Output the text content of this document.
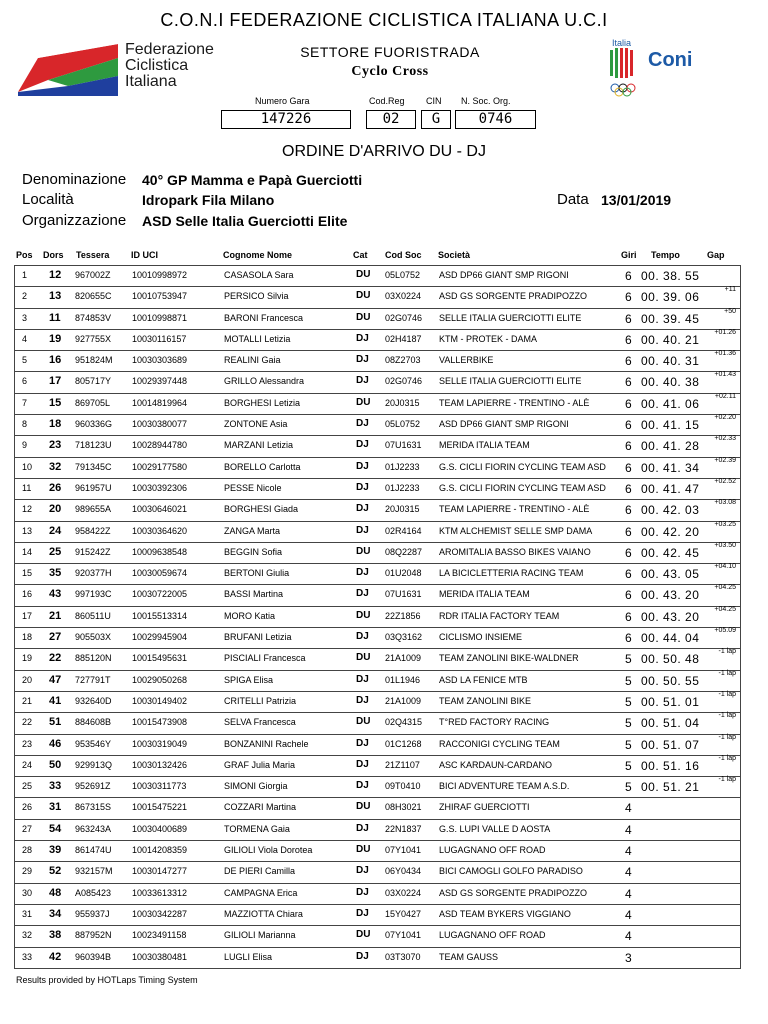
C.O.N.I FEDERAZIONE CICLISTICA ITALIANA U.C.I
Federazione
Ciclistica
Italiana
SETTORE FUORISTRADA
Cyclo Cross
Italia
Coni
Numero Gara	Cod.Reg CIN N. Soc. Org.
147226	02	G	0746
ORDINE D'ARRIVO DU - DJ
Denominazione 40° GP Mamma e Papà Guerciotti
Località	Idropark Fila Milano	Data 13/01/2019
Organizzazione ASD Selle Italia Guerciotti Elite
Pos Dors Tessera ID UCI	Cognome Nome	Cat Cod Soc Società	Giri Tempo	Gap
1 12 967002Z 10010998972	CASASOLA Sara	DU 05L0752 ASD DP66 GIANT SMP RIGONI	6 00. 38. 55
2 13 820655C 10010753947	PERSICO Silvia	DU 03X0224 ASD GS SORGENTE PRADIPOZZO	6 00. 39. 06
+11
3 11 874853V 10010998871	BARONI Francesca	DU 02G0746 SELLE ITALIA GUERCIOTTI ELITE	6 00. 39. 45
+50
4 19 927755X 10030116157	MOTALLI Letizia	DJ 02H4187 KTM - PROTEK - DAMA	6 00. 40. 21
+01.26
5 16 951824M 10030303689	REALINI Gaia	DJ 08Z2703 VALLERBIKE	6 00. 40. 31
+01.36
6 17 805717Y 10029397448	GRILLO Alessandra	DJ 02G0746 SELLE ITALIA GUERCIOTTI ELITE	6 00. 40. 38
+01.43
7 15 869705L 10014819964	BORGHESI Letizia	DU 20J0315 TEAM LAPIERRE - TRENTINO - ALÈ	6 00. 41. 06
+02.11
8 18 960336G 10030380077	ZONTONE Asia	DJ 05L0752 ASD DP66 GIANT SMP RIGONI	6 00. 41. 15
+02.20
9 23 718123U 10028944780	MARZANI Letizia	DJ 07U1631 MERIDA ITALIA TEAM	6 00. 41. 28
+02.33
10 32 791345C 10029177580	BORELLO Carlotta	DJ 01J2233 G.S. CICLI FIORIN CYCLING TEAM ASD 6 00. 41. 34
+02.39
11 26 961957U 10030392306	PESSE Nicole	DJ 01J2233 G.S. CICLI FIORIN CYCLING TEAM ASD 6 00. 41. 47
+02.52
12 20 989655A 10030646021	BORGHESI Giada	DJ 20J0315 TEAM LAPIERRE - TRENTINO - ALÈ	6 00. 42. 03
+03.08
13 24 958422Z 10030364620	ZANGA Marta	DJ 02R4164 KTM ALCHEMIST SELLE SMP DAMA	6 00. 42. 20
+03.25
14 25 915242Z 10009638548	BEGGIN Sofia	DU 08Q2287 AROMITALIA BASSO BIKES VAIANO	6 00. 42. 45
+03.50
15 35 920377H 10030059674	BERTONI Giulia	DJ 01U2048 LA BICICLETTERIA RACING TEAM	6 00. 43. 05
+04.10
16 43 997193C 10030722005	BASSI Martina	DJ 07U1631 MERIDA ITALIA TEAM	6 00. 43. 20
+04.25
17 21 860511U 10015513314	MORO Katia	DU 22Z1856 RDR ITALIA FACTORY TEAM	6 00. 43. 20
+04.25
18 27 905503X 10029945904	BRUFANI Letizia	DJ 03Q3162 CICLISMO INSIEME	6 00. 44. 04
+05.09
19 22 885120N 10015495631	PISCIALI Francesca	DU 21A1009 TEAM ZANOLINI BIKE-WALDNER	5 00. 50. 48
-1 lap
20 47 727791T 10029050268	SPIGA Elisa	DJ 01L1946 ASD LA FENICE MTB	5 00. 50. 55
-1 lap
21 41 932640D 10030149402	CRITELLI Patrizia	DJ 21A1009 TEAM ZANOLINI BIKE	5 00. 51. 01
-1 lap
22 51 884608B 10015473908	SELVA Francesca	DU 02Q4315 T°RED FACTORY RACING	5 00. 51. 04
-1 lap
23 46 953546Y 10030319049	BONZANINI Rachele	DJ 01C1268 RACCONIGI CYCLING TEAM	5 00. 51. 07
-1 lap
24 50 929913Q 10030132426	GRAF Julia Maria	DJ 21Z1107 ASC KARDAUN-CARDANO	5 00. 51. 16
-1 lap
25 33 952691Z 10030311773	SIMONI Giorgia	DJ 09T0410 BICI ADVENTURE TEAM A.S.D.	5 00. 51. 21
-1 lap
26 31 867315S 10015475221	COZZARI Martina	DU 08H3021 ZHIRAF GUERCIOTTI	4
27 54 963243A 10030400689	TORMENA Gaia	DJ 22N1837 G.S. LUPI VALLE D AOSTA	4
28 39 861474U 10014208359	GILIOLI Viola Dorotea	DU 07Y1041 LUGAGNANO OFF ROAD	4
29 52 932157M 10030147277	DE PIERI Camilla	DJ 06Y0434 BICI CAMOGLI GOLFO PARADISO	4
30 48 A085423 10033613312	CAMPAGNA Erica	DJ 03X0224 ASD GS SORGENTE PRADIPOZZO	4
31 34 955937J 10030342287	MAZZIOTTA Chiara	DJ 15Y0427 ASD TEAM BYKERS VIGGIANO	4
32 38 887952N 10023491158	GILIOLI Marianna	DU 07Y1041 LUGAGNANO OFF ROAD	4
33 42 960394B 10030380481	LUGLI Elisa	DJ 03T3070 TEAM GAUSS	3
Results provided by HOTLaps Timing System
